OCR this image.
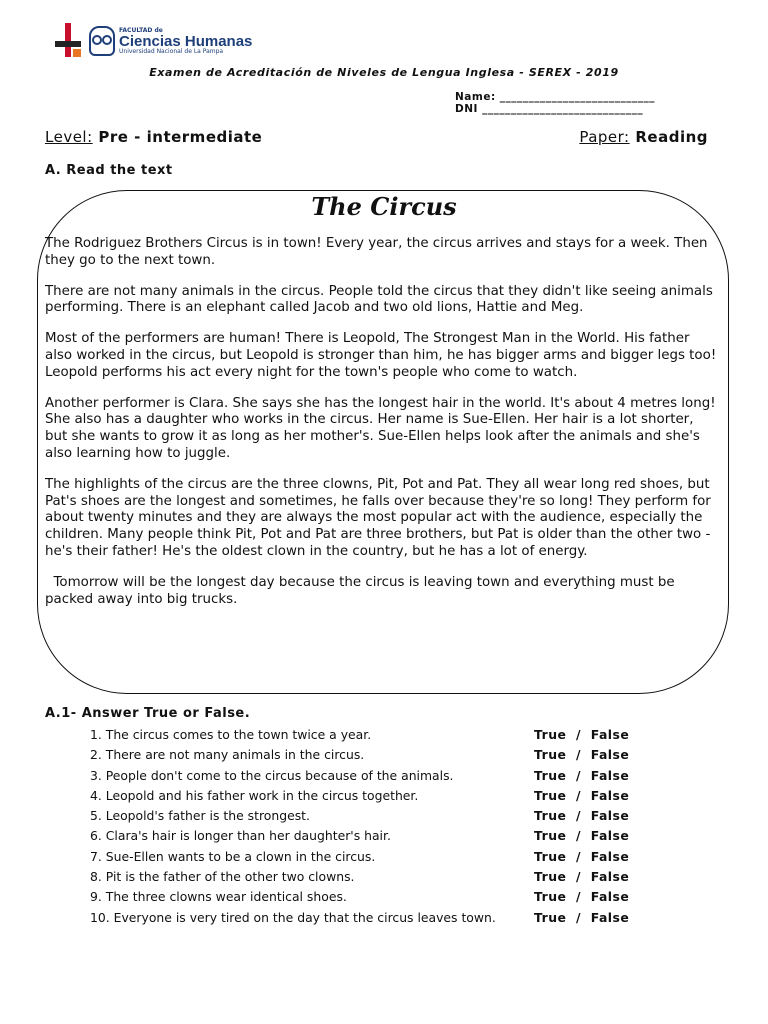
FACULTAD de
Ciencias Humanas
Universidad Nacional de La Pampa
Examen de Acreditación de Niveles de Lengua Inglesa - SEREX - 2019
Name: ___________________________
DNI ____________________________
Level: Pre - intermediate	Paper: Reading
A. Read the text
The Circus

The Rodriguez Brothers Circus is in town! Every year, the circus arrives and stays for a week. Then they go to the next town.

There are not many animals in the circus. People told the circus that they didn't like seeing animals performing. There is an elephant called Jacob and two old lions, Hattie and Meg.

Most of the performers are human! There is Leopold, The Strongest Man in the World. His father also worked in the circus, but Leopold is stronger than him, he has bigger arms and bigger legs too! Leopold performs his act every night for the town's people who come to watch.

Another performer is Clara. She says she has the longest hair in the world. It's about 4 metres long! She also has a daughter who works in the circus. Her name is Sue-Ellen. Her hair is a lot shorter, but she wants to grow it as long as her mother's. Sue-Ellen helps look after the animals and she's also learning how to juggle.

The highlights of the circus are the three clowns, Pit, Pot and Pat. They all wear long red shoes, but Pat's shoes are the longest and sometimes, he falls over because they're so long! They perform for about twenty minutes and they are always the most popular act with the audience, especially the children. Many people think Pit, Pot and Pat are three brothers, but Pat is older than the other two - he's their father! He's the oldest clown in the country, but he has a lot of energy.

Tomorrow will be the longest day because the circus is leaving town and everything must be packed away into big trucks.

A.1- Answer True or False.
1. The circus comes to the town twice a year.	True  /  False
2. There are not many animals in the circus.	True  /  False
3. People don't come to the circus because of the animals.	True  /  False
4. Leopold and his father work in the circus together.	True  /  False
5. Leopold's father is the strongest.	True  /  False
6. Clara's hair is longer than her daughter's hair.	True  /  False
7. Sue-Ellen wants to be a clown in the circus.	True  /  False
8. Pit is the father of the other two clowns.	True  /  False
9. The three clowns wear identical shoes.	True  /  False
10. Everyone is very tired on the day that the circus leaves town.	True  /  False
